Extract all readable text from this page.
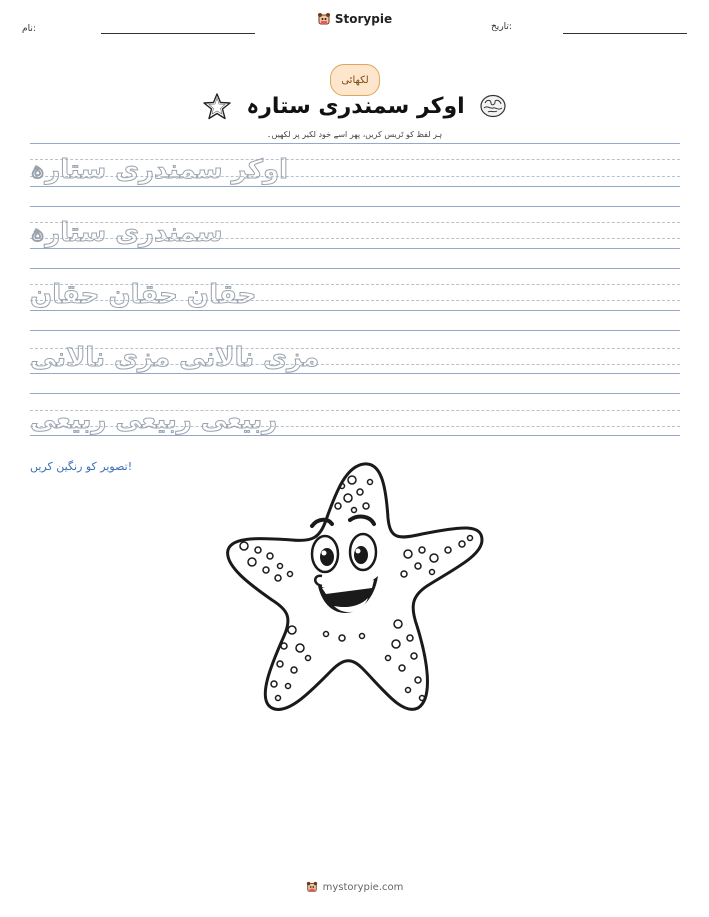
نام:
Storypie
تاریخ:
لکھائی
اوکر سمندری ستارہ
ہر لفظ کو ٹریس کریں، پھر اسے خود لکیر پر لکھیں۔
اوکر سمندری ستارہ
سمندری ستارہ
حقان حقان حقان
مزی نالانی مزی نالانی
ربیعی ربیعی ربیعی
تصویر کو رنگین کریں!
mystorypie.com
